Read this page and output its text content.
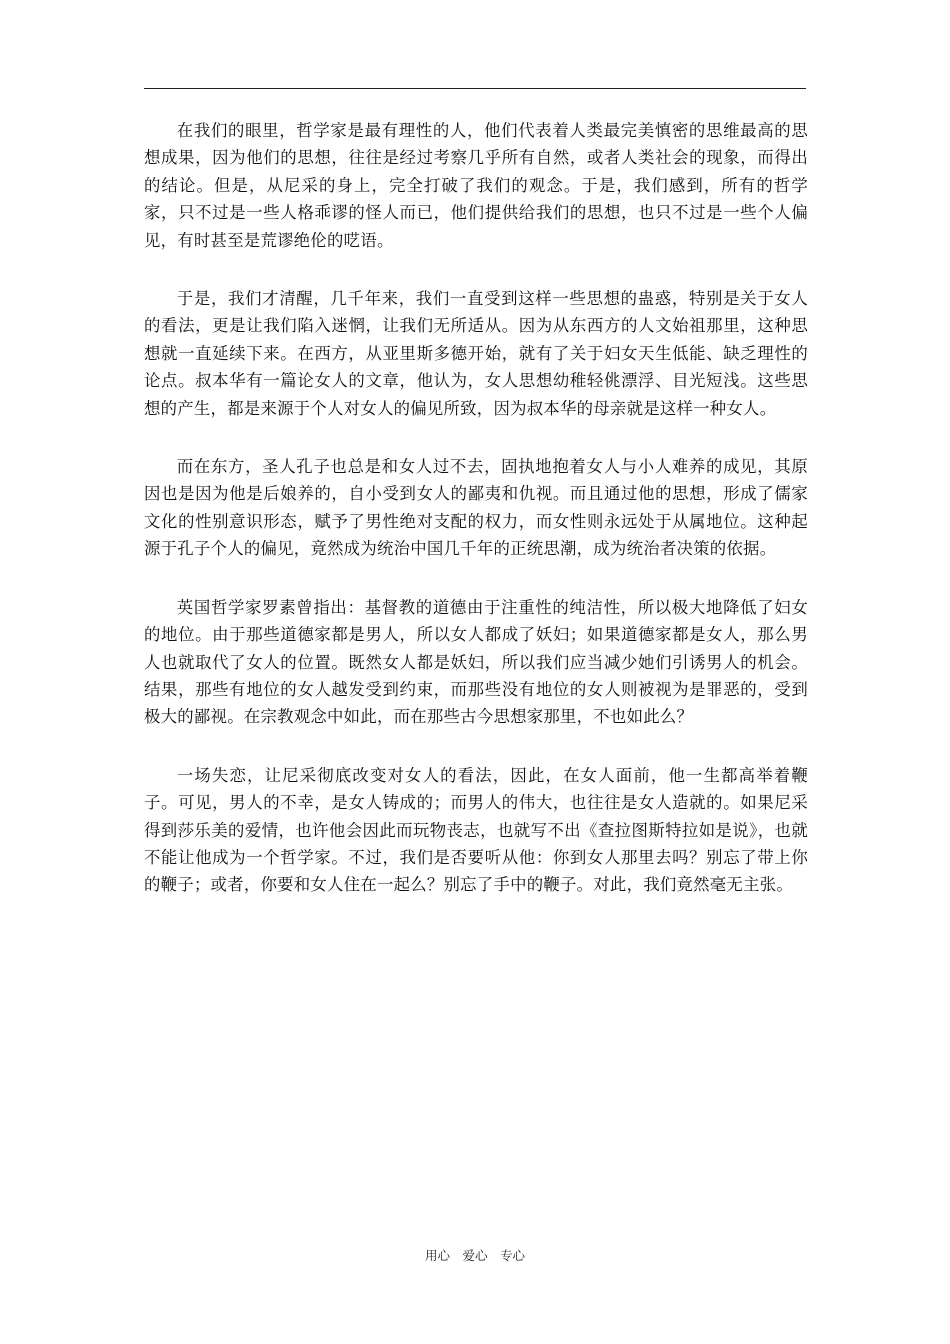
在我们的眼里，哲学家是最有理性的人，他们代表着人类最完美慎密的思维最高的思想成果，因为他们的思想，往往是经过考察几乎所有自然，或者人类社会的现象，而得出的结论。但是，从尼采的身上，完全打破了我们的观念。于是，我们感到，所有的哲学家，只不过是一些人格乖谬的怪人而已，他们提供给我们的思想，也只不过是一些个人偏见，有时甚至是荒谬绝伦的呓语。

于是，我们才清醒，几千年来，我们一直受到这样一些思想的蛊惑，特别是关于女人的看法，更是让我们陷入迷惘，让我们无所适从。因为从东西方的人文始祖那里，这种思想就一直延续下来。在西方，从亚里斯多德开始，就有了关于妇女天生低能、缺乏理性的论点。叔本华有一篇论女人的文章，他认为，女人思想幼稚轻佻漂浮、目光短浅。这些思想的产生，都是来源于个人对女人的偏见所致，因为叔本华的母亲就是这样一种女人。

而在东方，圣人孔子也总是和女人过不去，固执地抱着女人与小人难养的成见，其原因也是因为他是后娘养的，自小受到女人的鄙夷和仇视。而且通过他的思想，形成了儒家文化的性别意识形态，赋予了男性绝对支配的权力，而女性则永远处于从属地位。这种起源于孔子个人的偏见，竟然成为统治中国几千年的正统思潮，成为统治者决策的依据。

英国哲学家罗素曾指出：基督教的道德由于注重性的纯洁性，所以极大地降低了妇女的地位。由于那些道德家都是男人，所以女人都成了妖妇；如果道德家都是女人，那么男人也就取代了女人的位置。既然女人都是妖妇，所以我们应当减少她们引诱男人的机会。结果，那些有地位的女人越发受到约束，而那些没有地位的女人则被视为是罪恶的，受到极大的鄙视。在宗教观念中如此，而在那些古今思想家那里，不也如此么？

一场失恋，让尼采彻底改变对女人的看法，因此，在女人面前，他一生都高举着鞭子。可见，男人的不幸，是女人铸成的；而男人的伟大，也往往是女人造就的。如果尼采得到莎乐美的爱情，也许他会因此而玩物丧志，也就写不出《查拉图斯特拉如是说》，也就不能让他成为一个哲学家。不过，我们是否要听从他：你到女人那里去吗？别忘了带上你的鞭子；或者，你要和女人住在一起么？别忘了手中的鞭子。对此，我们竟然毫无主张。

用心　爱心　专心
